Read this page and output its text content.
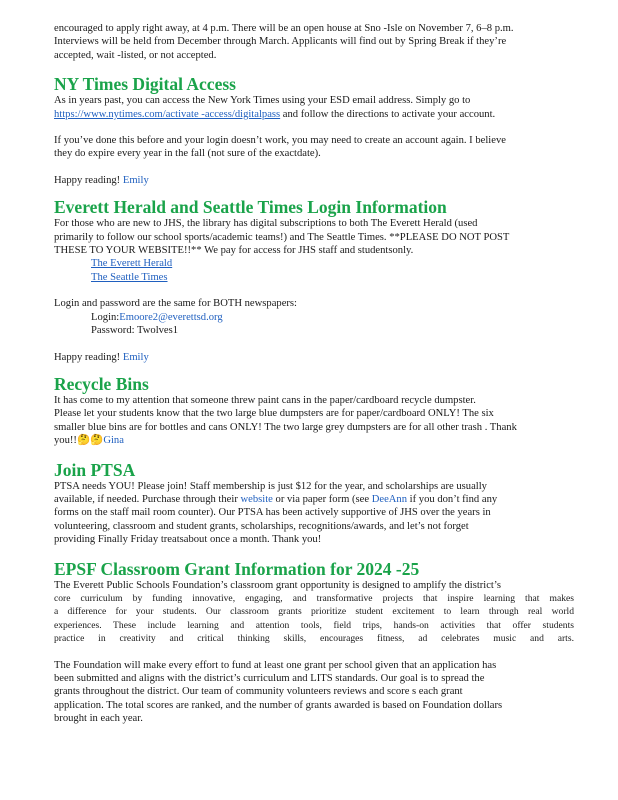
encouraged to apply right away, at 4 p.m. There will be an open house at Sno -Isle on November 7, 6–8 p.m.

Interviews will be held from December through March. Applicants will find out by Spring Break if they’re

accepted, wait -listed, or not accepted.

NY Times Digital Access

As in years past, you can access the New York Times using your ESD email address. Simply go to
https://www.nytimes.com/activate -access/digitalpass and follow the directions to activate your account.

If you’ve done this before and your login doesn’t work, you may need to create an account again. I believe
they do expire every year in the fall (not sure of the exactdate).

Happy reading! Emily

Everett Herald and Seattle Times Login Information

For those who are new to JHS, the library has digital subscriptions to both The Everett Herald (used
primarily to follow our school sports/academic teams!) and The Seattle Times. **PLEASE DO NOT POST
THESE TO YOUR WEBSITE!!** We pay for access for JHS staff and studentsonly.

The Everett Herald

The Seattle Times

Login and password are the same for BOTH newspapers:

Login:Emoore2@everettsd.org

Password: Twolves1

Happy reading! Emily

Recycle Bins

It has come to my attention that someone threw paint cans in the paper/cardboard recycle dumpster.

Please let your students know that the two large blue dumpsters are for paper/cardboard ONLY! The six

smaller blue bins are for bottles and cans ONLY! The two large grey dumpsters are for all other trash . Thank

you!!🤔🤔Gina

Join PTSA

PTSA needs YOU! Please join! Staff membership is just $12 for the year, and scholarships are usually

available, if needed. Purchase through their website or via paper form (see DeeAnn if you don’t find any

forms on the staff mail room counter). Our PTSA has been actively supportive of JHS over the years in

volunteering, classroom and student grants, scholarships, recognitions/awards, and let’s not forget

providing Finally Friday treatsabout once a month. Thank you!

EPSF Classroom Grant Information for 2024 -25

The Everett Public Schools Foundation’s classroom grant opportunity is designed to amplify the district’s

core curriculum by funding innovative, engaging, and transformative projects that inspire learning that makes

a difference for your students. Our classroom grants prioritize student excitement to learn through real world

experiences. These include learning and attention tools, field trips, hands-on activities that offer students

practice in creativity and critical thinking skills, encourages fitness, ad celebrates music and arts.

The Foundation will make every effort to fund at least one grant per school given that an application has

been submitted and aligns with the district’s curriculum and LITS standards. Our goal is to spread the

grants throughout the district. Our team of community volunteers reviews and score s each grant

application. The total scores are ranked, and the number of grants awarded is based on Foundation dollars

brought in each year.
